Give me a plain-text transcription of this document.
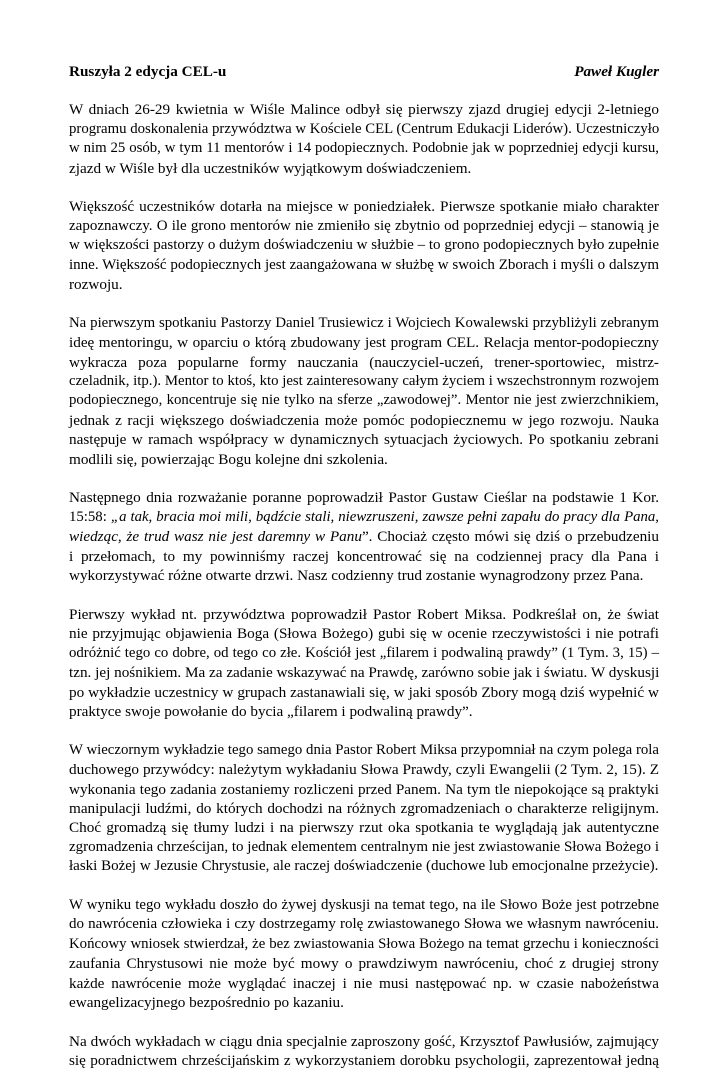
Ruszyła 2 edycja CEL-u	Paweł Kugler

W dniach 26-29 kwietnia w Wiśle Malince odbył się pierwszy zjazd drugiej edycji 2-letniego
programu doskonalenia przywództwa w Kościele CEL (Centrum Edukacji Liderów). Uczestniczyło
w nim 25 osób, w tym 11 mentorów i 14 podopiecznych. Podobnie jak w poprzedniej edycji kursu,
zjazd w Wiśle był dla uczestników wyjątkowym doświadczeniem.

Większość uczestników dotarła na miejsce w poniedziałek. Pierwsze spotkanie miało charakter
zapoznawczy. O ile grono mentorów nie zmieniło się zbytnio od poprzedniej edycji – stanowią je
w większości pastorzy o dużym doświadczeniu w służbie – to grono podopiecznych było zupełnie
inne. Większość podopiecznych jest zaangażowana w służbę w swoich Zborach i myśli o dalszym
rozwoju.

Na pierwszym spotkaniu Pastorzy Daniel Trusiewicz i Wojciech Kowalewski przybliżyli zebranym
ideę mentoringu, w oparciu o którą zbudowany jest program CEL. Relacja mentor-podopieczny
wykracza poza popularne formy nauczania (nauczyciel-uczeń, trener-sportowiec, mistrz-
czeladnik, itp.). Mentor to ktoś, kto jest zainteresowany całym życiem i wszechstronnym rozwojem
podopiecznego, koncentruje się nie tylko na sferze „zawodowej”. Mentor nie jest zwierzchnikiem,
jednak z racji większego doświadczenia może pomóc podopiecznemu w jego rozwoju. Nauka
następuje w ramach współpracy w dynamicznych sytuacjach życiowych. Po spotkaniu zebrani
modlili się, powierzając Bogu kolejne dni szkolenia.

Następnego dnia rozważanie poranne poprowadził Pastor Gustaw Cieślar na podstawie 1 Kor.
15:58: „a tak, bracia moi mili, bądźcie stali, niewzruszeni, zawsze pełni zapału do pracy dla Pana,
wiedząc, że trud wasz nie jest daremny w Panu”. Chociaż często mówi się dziś o przebudzeniu
i przełomach, to my powinniśmy raczej koncentrować się na codziennej pracy dla Pana i
wykorzystywać różne otwarte drzwi. Nasz codzienny trud zostanie wynagrodzony przez Pana.

Pierwszy wykład nt. przywództwa poprowadził Pastor Robert Miksa. Podkreślał on, że świat
nie przyjmując objawienia Boga (Słowa Bożego) gubi się w ocenie rzeczywistości i nie potrafi
odróżnić tego co dobre, od tego co złe. Kościół jest „filarem i podwaliną prawdy” (1 Tym. 3, 15) –
tzn. jej nośnikiem. Ma za zadanie wskazywać na Prawdę, zarówno sobie jak i światu. W dyskusji
po wykładzie uczestnicy w grupach zastanawiali się, w jaki sposób Zbory mogą dziś wypełnić w
praktyce swoje powołanie do bycia „filarem i podwaliną prawdy”.

W wieczornym wykładzie tego samego dnia Pastor Robert Miksa przypomniał na czym polega rola
duchowego przywódcy: należytym wykładaniu Słowa Prawdy, czyli Ewangelii (2 Tym. 2, 15). Z
wykonania tego zadania zostaniemy rozliczeni przed Panem. Na tym tle niepokojące są praktyki
manipulacji ludźmi, do których dochodzi na różnych zgromadzeniach o charakterze religijnym.
Choć gromadzą się tłumy ludzi i na pierwszy rzut oka spotkania te wyglądają jak autentyczne
zgromadzenia chrześcijan, to jednak elementem centralnym nie jest zwiastowanie Słowa Bożego i
łaski Bożej w Jezusie Chrystusie, ale raczej doświadczenie (duchowe lub emocjonalne przeżycie).

W wyniku tego wykładu doszło do żywej dyskusji na temat tego, na ile Słowo Boże jest potrzebne
do nawrócenia człowieka i czy dostrzegamy rolę zwiastowanego Słowa we własnym nawróceniu.
Końcowy wniosek stwierdzał, że bez zwiastowania Słowa Bożego na temat grzechu i konieczności
zaufania Chrystusowi nie może być mowy o prawdziwym nawróceniu, choć z drugiej strony
każde nawrócenie może wyglądać inaczej i nie musi następować np. w czasie nabożeństwa
ewangelizacyjnego bezpośrednio po kazaniu.

Na dwóch wykładach w ciągu dnia specjalnie zaproszony gość, Krzysztof Pawłusiów, zajmujący
się poradnictwem chrześcijańskim z wykorzystaniem dorobku psychologii, zaprezentował jedną
